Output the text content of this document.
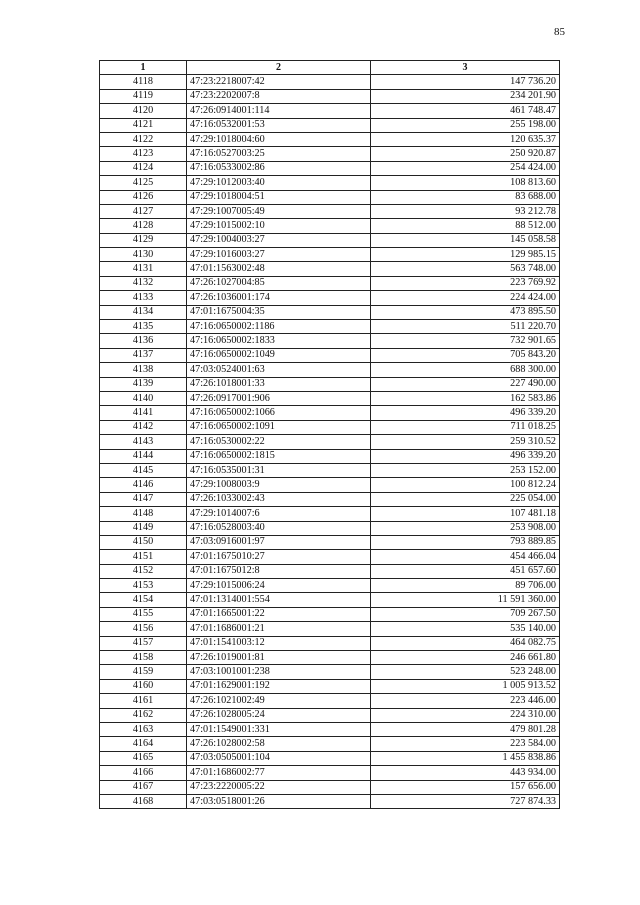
85
1	2	3
4118	47:23:2218007:42	147 736.20
4119	47:23:2202007:8	234 201.90
4120	47:26:0914001:114	461 748.47
4121	47:16:0532001:53	255 198.00
4122	47:29:1018004:60	120 635.37
4123	47:16:0527003:25	250 920.87
4124	47:16:0533002:86	254 424.00
4125	47:29:1012003:40	108 813.60
4126	47:29:1018004:51	83 688.00
4127	47:29:1007005:49	93 212.78
4128	47:29:1015002:10	88 512.00
4129	47:29:1004003:27	145 058.58
4130	47:29:1016003:27	129 985.15
4131	47:01:1563002:48	563 748.00
4132	47:26:1027004:85	223 769.92
4133	47:26:1036001:174	224 424.00
4134	47:01:1675004:35	473 895.50
4135	47:16:0650002:1186	511 220.70
4136	47:16:0650002:1833	732 901.65
4137	47:16:0650002:1049	705 843.20
4138	47:03:0524001:63	688 300.00
4139	47:26:1018001:33	227 490.00
4140	47:26:0917001:906	162 583.86
4141	47:16:0650002:1066	496 339.20
4142	47:16:0650002:1091	711 018.25
4143	47:16:0530002:22	259 310.52
4144	47:16:0650002:1815	496 339.20
4145	47:16:0535001:31	253 152.00
4146	47:29:1008003:9	100 812.24
4147	47:26:1033002:43	225 054.00
4148	47:29:1014007:6	107 481.18
4149	47:16:0528003:40	253 908.00
4150	47:03:0916001:97	793 889.85
4151	47:01:1675010:27	454 466.04
4152	47:01:1675012:8	451 657.60
4153	47:29:1015006:24	89 706.00
4154	47:01:1314001:554	11 591 360.00
4155	47:01:1665001:22	709 267.50
4156	47:01:1686001:21	535 140.00
4157	47:01:1541003:12	464 082.75
4158	47:26:1019001:81	246 661.80
4159	47:03:1001001:238	523 248.00
4160	47:01:1629001:192	1 005 913.52
4161	47:26:1021002:49	223 446.00
4162	47:26:1028005:24	224 310.00
4163	47:01:1549001:331	479 801.28
4164	47:26:1028002:58	223 584.00
4165	47:03:0505001:104	1 455 838.86
4166	47:01:1686002:77	443 934.00
4167	47:23:2220005:22	157 656.00
4168	47:03:0518001:26	727 874.33
